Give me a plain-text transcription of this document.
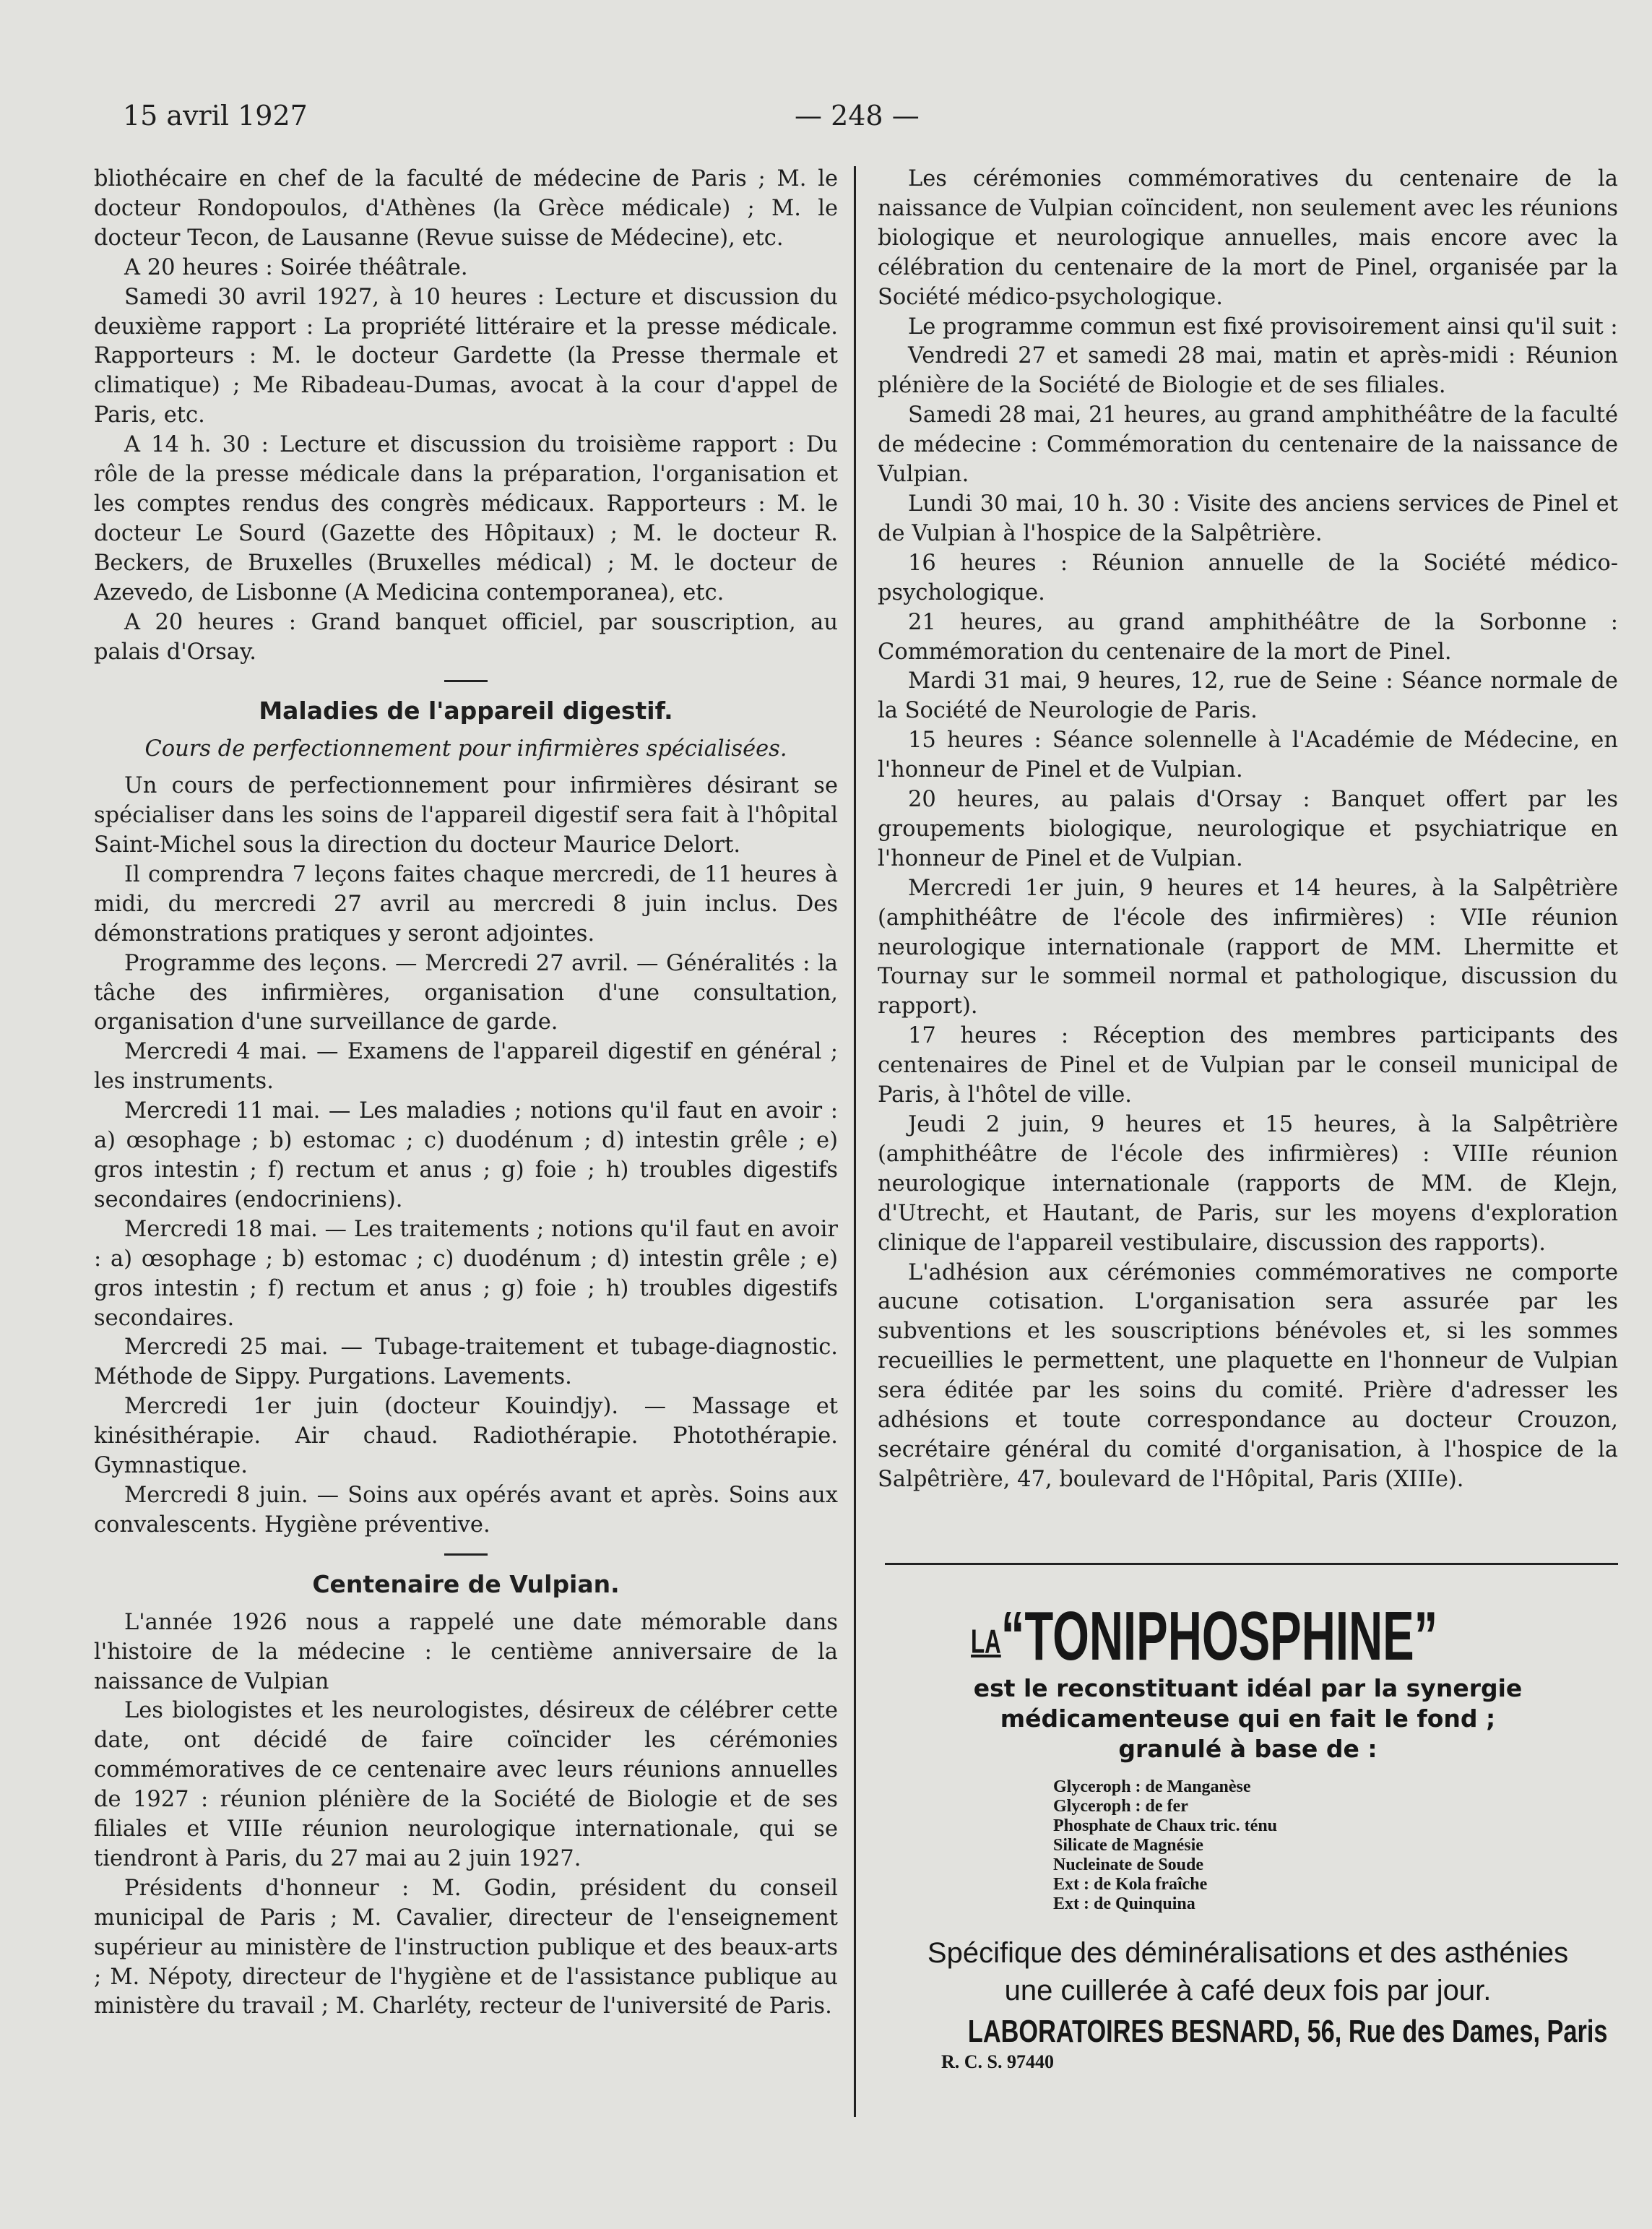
15 avril 1927	— 248 —

bliothécaire en chef de la faculté de médecine de Paris ; M. le docteur Rondopoulos, d'Athènes (la Grèce médicale) ; M. le docteur Tecon, de Lausanne (Revue suisse de Médecine), etc.

A 20 heures : Soirée théâtrale.

Samedi 30 avril 1927, à 10 heures : Lecture et discussion du deuxième rapport : La propriété littéraire et la presse médicale. Rapporteurs : M. le docteur Gardette (la Presse thermale et climatique) ; Me Ribadeau-Dumas, avocat à la cour d'appel de Paris, etc.

A 14 h. 30 : Lecture et discussion du troisième rapport : Du rôle de la presse médicale dans la préparation, l'organisation et les comptes rendus des congrès médicaux. Rapporteurs : M. le docteur Le Sourd (Gazette des Hôpitaux) ; M. le docteur R. Beckers, de Bruxelles (Bruxelles médical) ; M. le docteur de Azevedo, de Lisbonne (A Medicina contemporanea), etc.

A 20 heures : Grand banquet officiel, par souscription, au palais d'Orsay.

Maladies de l'appareil digestif.
Cours de perfectionnement pour infirmières spécialisées.

Un cours de perfectionnement pour infirmières désirant se spécialiser dans les soins de l'appareil digestif sera fait à l'hôpital Saint-Michel sous la direction du docteur Maurice Delort.

Il comprendra 7 leçons faites chaque mercredi, de 11 heures à midi, du mercredi 27 avril au mercredi 8 juin inclus. Des démonstrations pratiques y seront adjointes.

Programme des leçons. — Mercredi 27 avril. — Généralités : la tâche des infirmières, organisation d'une consultation, organisation d'une surveillance de garde.

Mercredi 4 mai. — Examens de l'appareil digestif en général ; les instruments.

Mercredi 11 mai. — Les maladies ; notions qu'il faut en avoir : a) œsophage ; b) estomac ; c) duodénum ; d) intestin grêle ; e) gros intestin ; f) rectum et anus ; g) foie ; h) troubles digestifs secondaires (endocriniens).

Mercredi 18 mai. — Les traitements ; notions qu'il faut en avoir : a) œsophage ; b) estomac ; c) duodénum ; d) intestin grêle ; e) gros intestin ; f) rectum et anus ; g) foie ; h) troubles digestifs secondaires.

Mercredi 25 mai. — Tubage-traitement et tubage-diagnostic. Méthode de Sippy. Purgations. Lavements.

Mercredi 1er juin (docteur Kouindjy). — Massage et kinésithérapie. Air chaud. Radiothérapie. Photothérapie. Gymnastique.

Mercredi 8 juin. — Soins aux opérés avant et après. Soins aux convalescents. Hygiène préventive.

Centenaire de Vulpian.

L'année 1926 nous a rappelé une date mémorable dans l'histoire de la médecine : le centième anniversaire de la naissance de Vulpian

Les biologistes et les neurologistes, désireux de célébrer cette date, ont décidé de faire coïncider les cérémonies commémoratives de ce centenaire avec leurs réunions annuelles de 1927 : réunion plénière de la Société de Biologie et de ses filiales et VIIIe réunion neurologique internationale, qui se tiendront à Paris, du 27 mai au 2 juin 1927.

Présidents d'honneur : M. Godin, président du conseil municipal de Paris ; M. Cavalier, directeur de l'enseignement supérieur au ministère de l'instruction publique et des beaux-arts ; M. Népoty, directeur de l'hygiène et de l'assistance publique au ministère du travail ; M. Charléty, recteur de l'université de Paris.

Les cérémonies commémoratives du centenaire de la naissance de Vulpian coïncident, non seulement avec les réunions biologique et neurologique annuelles, mais encore avec la célébration du centenaire de la mort de Pinel, organisée par la Société médico-psychologique.

Le programme commun est fixé provisoirement ainsi qu'il suit :

Vendredi 27 et samedi 28 mai, matin et après-midi : Réunion plénière de la Société de Biologie et de ses filiales.

Samedi 28 mai, 21 heures, au grand amphithéâtre de la faculté de médecine : Commémoration du centenaire de la naissance de Vulpian.

Lundi 30 mai, 10 h. 30 : Visite des anciens services de Pinel et de Vulpian à l'hospice de la Salpêtrière.

16 heures : Réunion annuelle de la Société médico-psychologique.

21 heures, au grand amphithéâtre de la Sorbonne : Commémoration du centenaire de la mort de Pinel.

Mardi 31 mai, 9 heures, 12, rue de Seine : Séance normale de la Société de Neurologie de Paris.

15 heures : Séance solennelle à l'Académie de Médecine, en l'honneur de Pinel et de Vulpian.

20 heures, au palais d'Orsay : Banquet offert par les groupements biologique, neurologique et psychiatrique en l'honneur de Pinel et de Vulpian.

Mercredi 1er juin, 9 heures et 14 heures, à la Salpêtrière (amphithéâtre de l'école des infirmières) : VIIe réunion neurologique internationale (rapport de MM. Lhermitte et Tournay sur le sommeil normal et pathologique, discussion du rapport).

17 heures : Réception des membres participants des centenaires de Pinel et de Vulpian par le conseil municipal de Paris, à l'hôtel de ville.

Jeudi 2 juin, 9 heures et 15 heures, à la Salpêtrière (amphithéâtre de l'école des infirmières) : VIIIe réunion neurologique internationale (rapports de MM. de Klejn, d'Utrecht, et Hautant, de Paris, sur les moyens d'exploration clinique de l'appareil vestibulaire, discussion des rapports).

L'adhésion aux cérémonies commémoratives ne comporte aucune cotisation. L'organisation sera assurée par les subventions et les souscriptions bénévoles et, si les sommes recueillies le permettent, une plaquette en l'honneur de Vulpian sera éditée par les soins du comité. Prière d'adresser les adhésions et toute correspondance au docteur Crouzon, secrétaire général du comité d'organisation, à l'hospice de la Salpêtrière, 47, boulevard de l'Hôpital, Paris (XIIIe).

LA“TONIPHOSPHINE”
est le reconstituant idéal par la synergie
médicamenteuse qui en fait le fond ;
granulé à base de :
Glyceroph : de Manganèse
Glyceroph : de fer
Phosphate de Chaux tric. ténu
Silicate de Magnésie
Nucleinate de Soude
Ext : de Kola fraîche
Ext : de Quinquina
Spécifique des déminéralisations et des asthénies
une cuillerée à café deux fois par jour.
LABORATOIRES BESNARD, 56, Rue des Dames, Paris
R. C. S. 97440
